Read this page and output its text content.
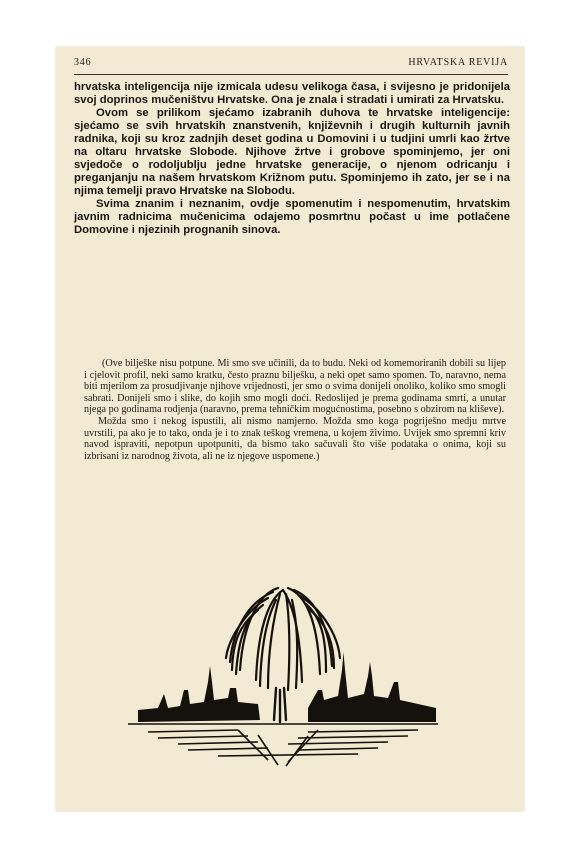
346	HRVATSKA REVIJA

hrvatska inteligencija nije izmicala udesu velikoga časa, i svijesno je pridonijela svoj doprinos mučeništvu Hrvatske. Ona je znala i stradati i umirati za Hrvatsku.

Ovom se prilikom sjećamo izabranih duhova te hrvatske inteligencije: sjećamo se svih hrvatskih znanstvenih, književnih i drugih kulturnih javnih radnika, koji su kroz zadnjih deset godina u Domovini i u tudjini umrli kao žrtve na oltaru hrvatske Slobode. Njihove žrtve i grobove spominjemo, jer oni svjedoče o rodoljublju jedne hrvatske generacije, o njenom odricanju i preganjanju na našem hrvatskom Križnom putu. Spominjemo ih zato, jer se i na njima temelji pravo Hrvatske na Slobodu.

Svima znanim i neznanim, ovdje spomenutim i nespomenutim, hrvatskim javnim radnicima mučenicima odajemo posmrtnu počast u ime potlačene Domovine i njezinih prognanih sinova.

(Ove bilješke nisu potpune. Mi smo sve učinili, da to budu. Neki od komemoriranih dobili su lijep i cjelovit profil, neki samo kratku, često praznu bilješku, a neki opet samo spomen. To, naravno, nema biti mjerilom za prosudjivanje njihove vrijednosti, jer smo o svima donijeli onoliko, koliko smo smogli sabrati. Donijeli smo i slike, do kojih smo mogli doći. Redoslijed je prema godinama smrti, a unutar njega po godinama rodjenja (naravno, prema tehničkim mogućnostima, posebno s obzirom na kliševe).

Možda smo i nekog ispustili, ali nismo namjerno. Možda smo koga pogriješno medju mrtve uvrstili, pa ako je to tako, onda je i to znak teškog vremena, u kojem živimo. Uvijek smo spremni kriv navod ispraviti, nepotpun upotpuniti, da bismo tako sačuvali što više podataka o onima, koji su izbrisani iz narodnog života, ali ne iz njegove uspomene.)
